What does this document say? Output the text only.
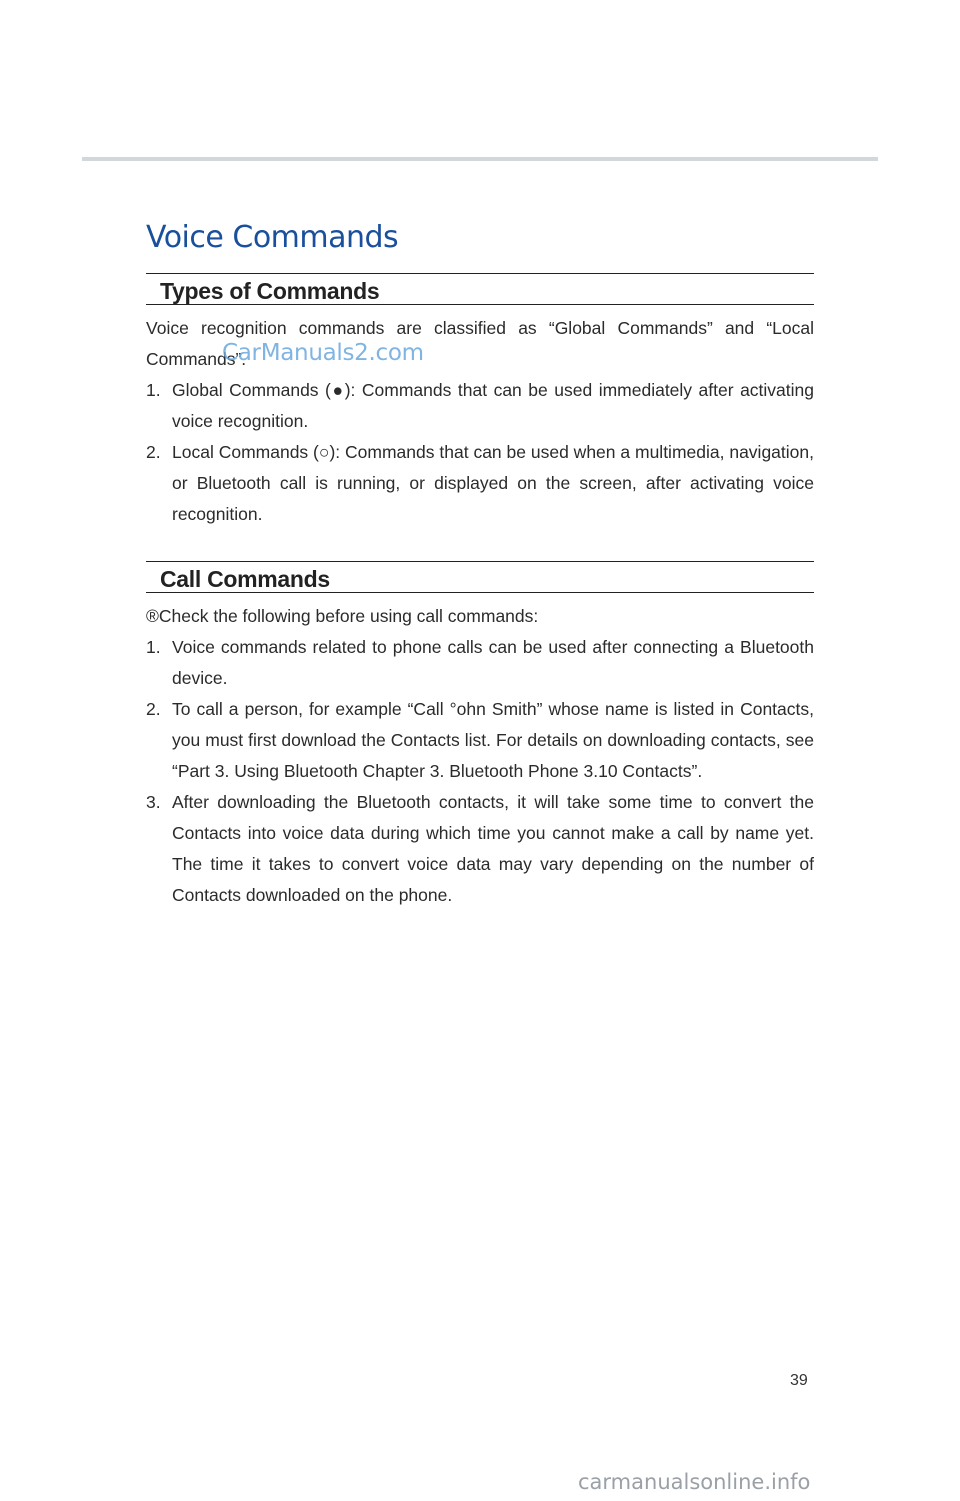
Voice Commands
Types of Commands

Voice recognition commands are classified as “Global Commands” and “Local Commands”.

1. Global Commands (●): Commands that can be used immediately after activating voice recognition.

2. Local Commands (○): Commands that can be used when a multimedia, navigation, or Bluetooth call is running, or displayed on the screen, after activating voice recognition.

Call Commands

®Check the following before using call commands:

1. Voice commands related to phone calls can be used after connecting a Bluetooth device.

2. To call a person, for example “Call °ohn Smith” whose name is listed in Contacts, you must first download the Contacts list. For details on downloading contacts, see “Part 3. Using Bluetooth Chapter 3. Bluetooth Phone 3.10 Contacts”.

3. After downloading the Bluetooth contacts, it will take some time to convert the Contacts into voice data during which time you cannot make a call by name yet. The time it takes to convert voice data may vary depending on the number of Contacts downloaded on the phone.

39
CarManuals2.com
carmanualsonline.info
